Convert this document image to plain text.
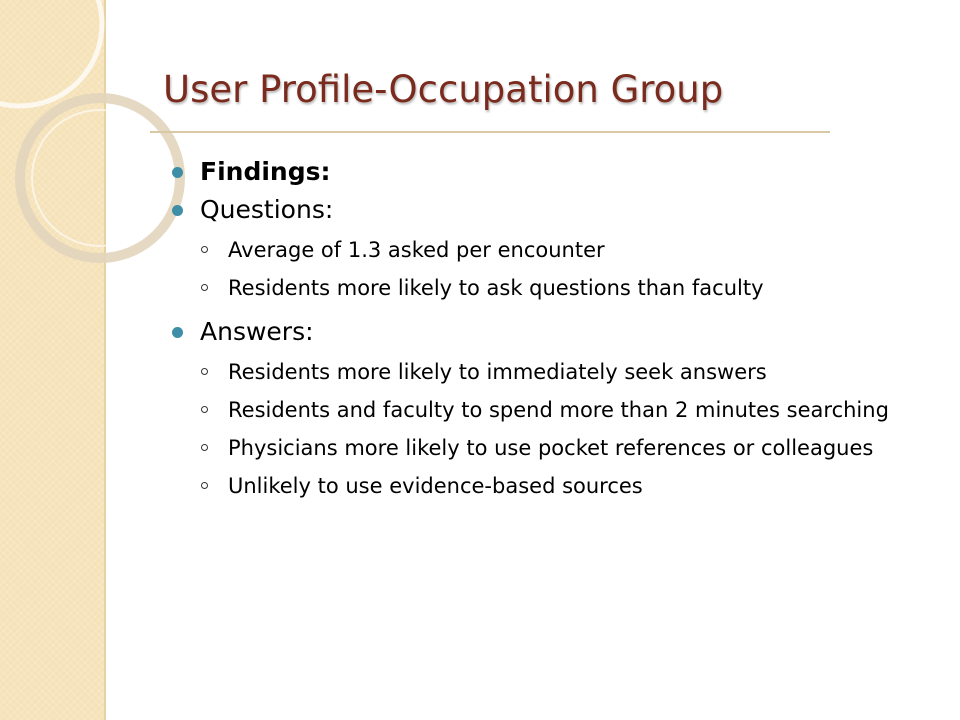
User Profile-Occupation Group
Findings:
Questions:
Average of 1.3 asked per encounter
Residents more likely to ask questions than faculty
Answers:
Residents more likely to immediately seek answers
Residents and faculty to spend more than 2 minutes searching
Physicians more likely to use pocket references or colleagues
Unlikely to use evidence-based sources
